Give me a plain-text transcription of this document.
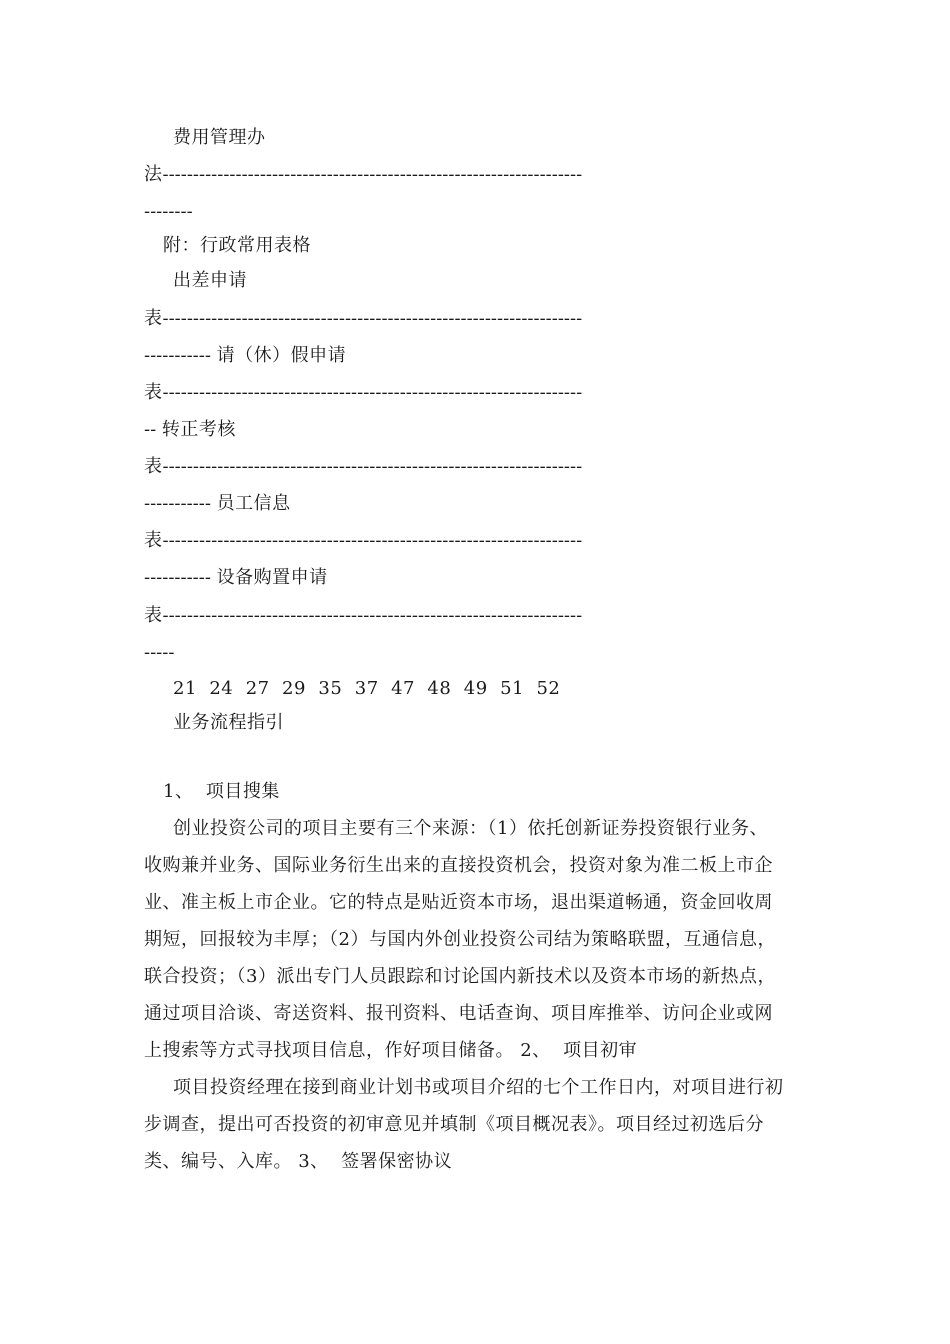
费用管理办
法---------------------------------------------------------------------
--------
附：行政常用表格
出差申请
表---------------------------------------------------------------------
----------- 请（休）假申请
表---------------------------------------------------------------------
-- 转正考核
表---------------------------------------------------------------------
----------- 员工信息
表---------------------------------------------------------------------
----------- 设备购置申请
表---------------------------------------------------------------------
-----
21  24  27  29  35  37  47  48  49  51  52
业务流程指引
1、  项目搜集
创业投资公司的项目主要有三个来源：（1）依托创新证券投资银行业务、
收购兼并业务、国际业务衍生出来的直接投资机会，投资对象为准二板上市企
业、准主板上市企业。它的特点是贴近资本市场，退出渠道畅通，资金回收周
期短，回报较为丰厚；（2）与国内外创业投资公司结为策略联盟，互通信息，
联合投资；（3）派出专门人员跟踪和讨论国内新技术以及资本市场的新热点，
通过项目洽谈、寄送资料、报刊资料、电话查询、项目库推举、访问企业或网
上搜索等方式寻找项目信息，作好项目储备。 2、  项目初审
项目投资经理在接到商业计划书或项目介绍的七个工作日内，对项目进行初
步调查，提出可否投资的初审意见并填制《项目概况表》。项目经过初选后分
类、编号、入库。 3、  签署保密协议
